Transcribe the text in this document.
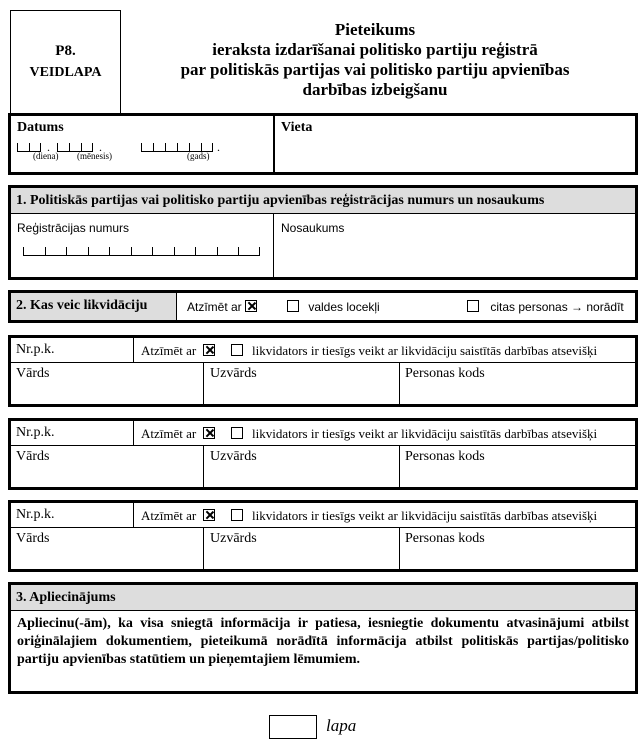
P8.
VEIDLAPA
Pieteikums
ieraksta izdarīšanai politisko partiju reģistrā
par politiskās partijas vai politisko partiju apvienības
darbības izbeigšanu
Datums
.	.	.
(diena) (mēnesis)	(gads)
Vieta
1. Politiskās partijas vai politisko partiju apvienības reģistrācijas numurs un nosaukums
Reģistrācijas numurs	Nosaukums
2. Kas veic likvidāciju	Atzīmēt ar	valdes locekļi	citas personas → norādīt
Nr.p.k.	Atzīmēt ar	likvidators ir tiesīgs veikt ar likvidāciju saistītās darbības atsevišķi
Vārds	Uzvārds	Personas kods
Nr.p.k.	Atzīmēt ar	likvidators ir tiesīgs veikt ar likvidāciju saistītās darbības atsevišķi
Vārds	Uzvārds	Personas kods
Nr.p.k.	Atzīmēt ar	likvidators ir tiesīgs veikt ar likvidāciju saistītās darbības atsevišķi
Vārds	Uzvārds	Personas kods
3. Apliecinājums
Apliecinu(-ām), ka visa sniegtā informācija ir patiesa, iesniegtie dokumentu atvasinājumi atbilst oriģinālajiem dokumentiem, pieteikumā norādītā informācija atbilst politiskās partijas/politisko partiju apvienības statūtiem un pieņemtajiem lēmumiem.
lapa
